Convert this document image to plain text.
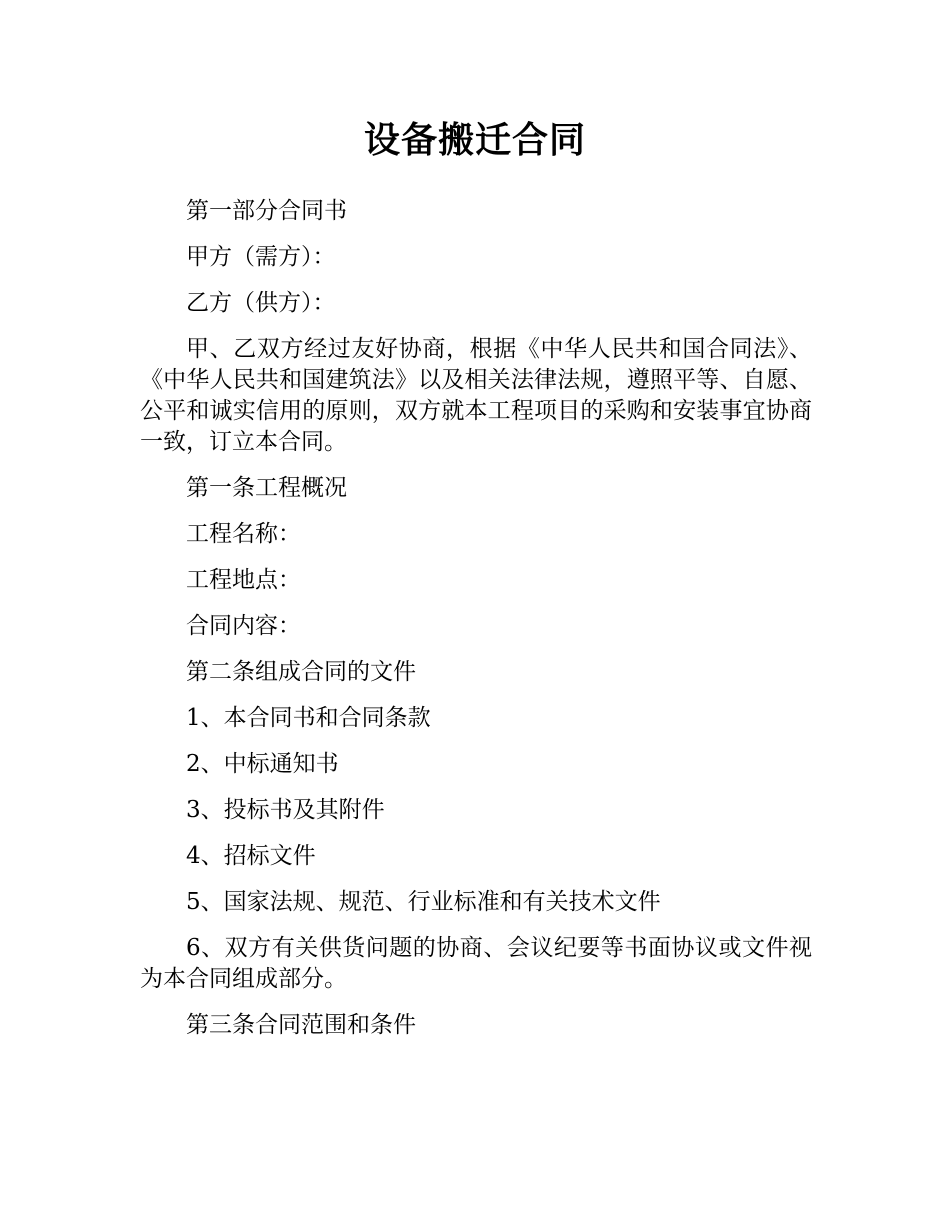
设备搬迁合同

第一部分合同书

甲方（需方）：

乙方（供方）：

甲、乙双方经过友好协商，根据《中华人民共和国合同法》、《中华人民共和国建筑法》以及相关法律法规，遵照平等、自愿、公平和诚实信用的原则，双方就本工程项目的采购和安装事宜协商一致，订立本合同。

第一条工程概况

工程名称：

工程地点：

合同内容：

第二条组成合同的文件

1、本合同书和合同条款

2、中标通知书

3、投标书及其附件

4、招标文件

5、国家法规、规范、行业标准和有关技术文件

6、双方有关供货问题的协商、会议纪要等书面协议或文件视为本合同组成部分。

第三条合同范围和条件
